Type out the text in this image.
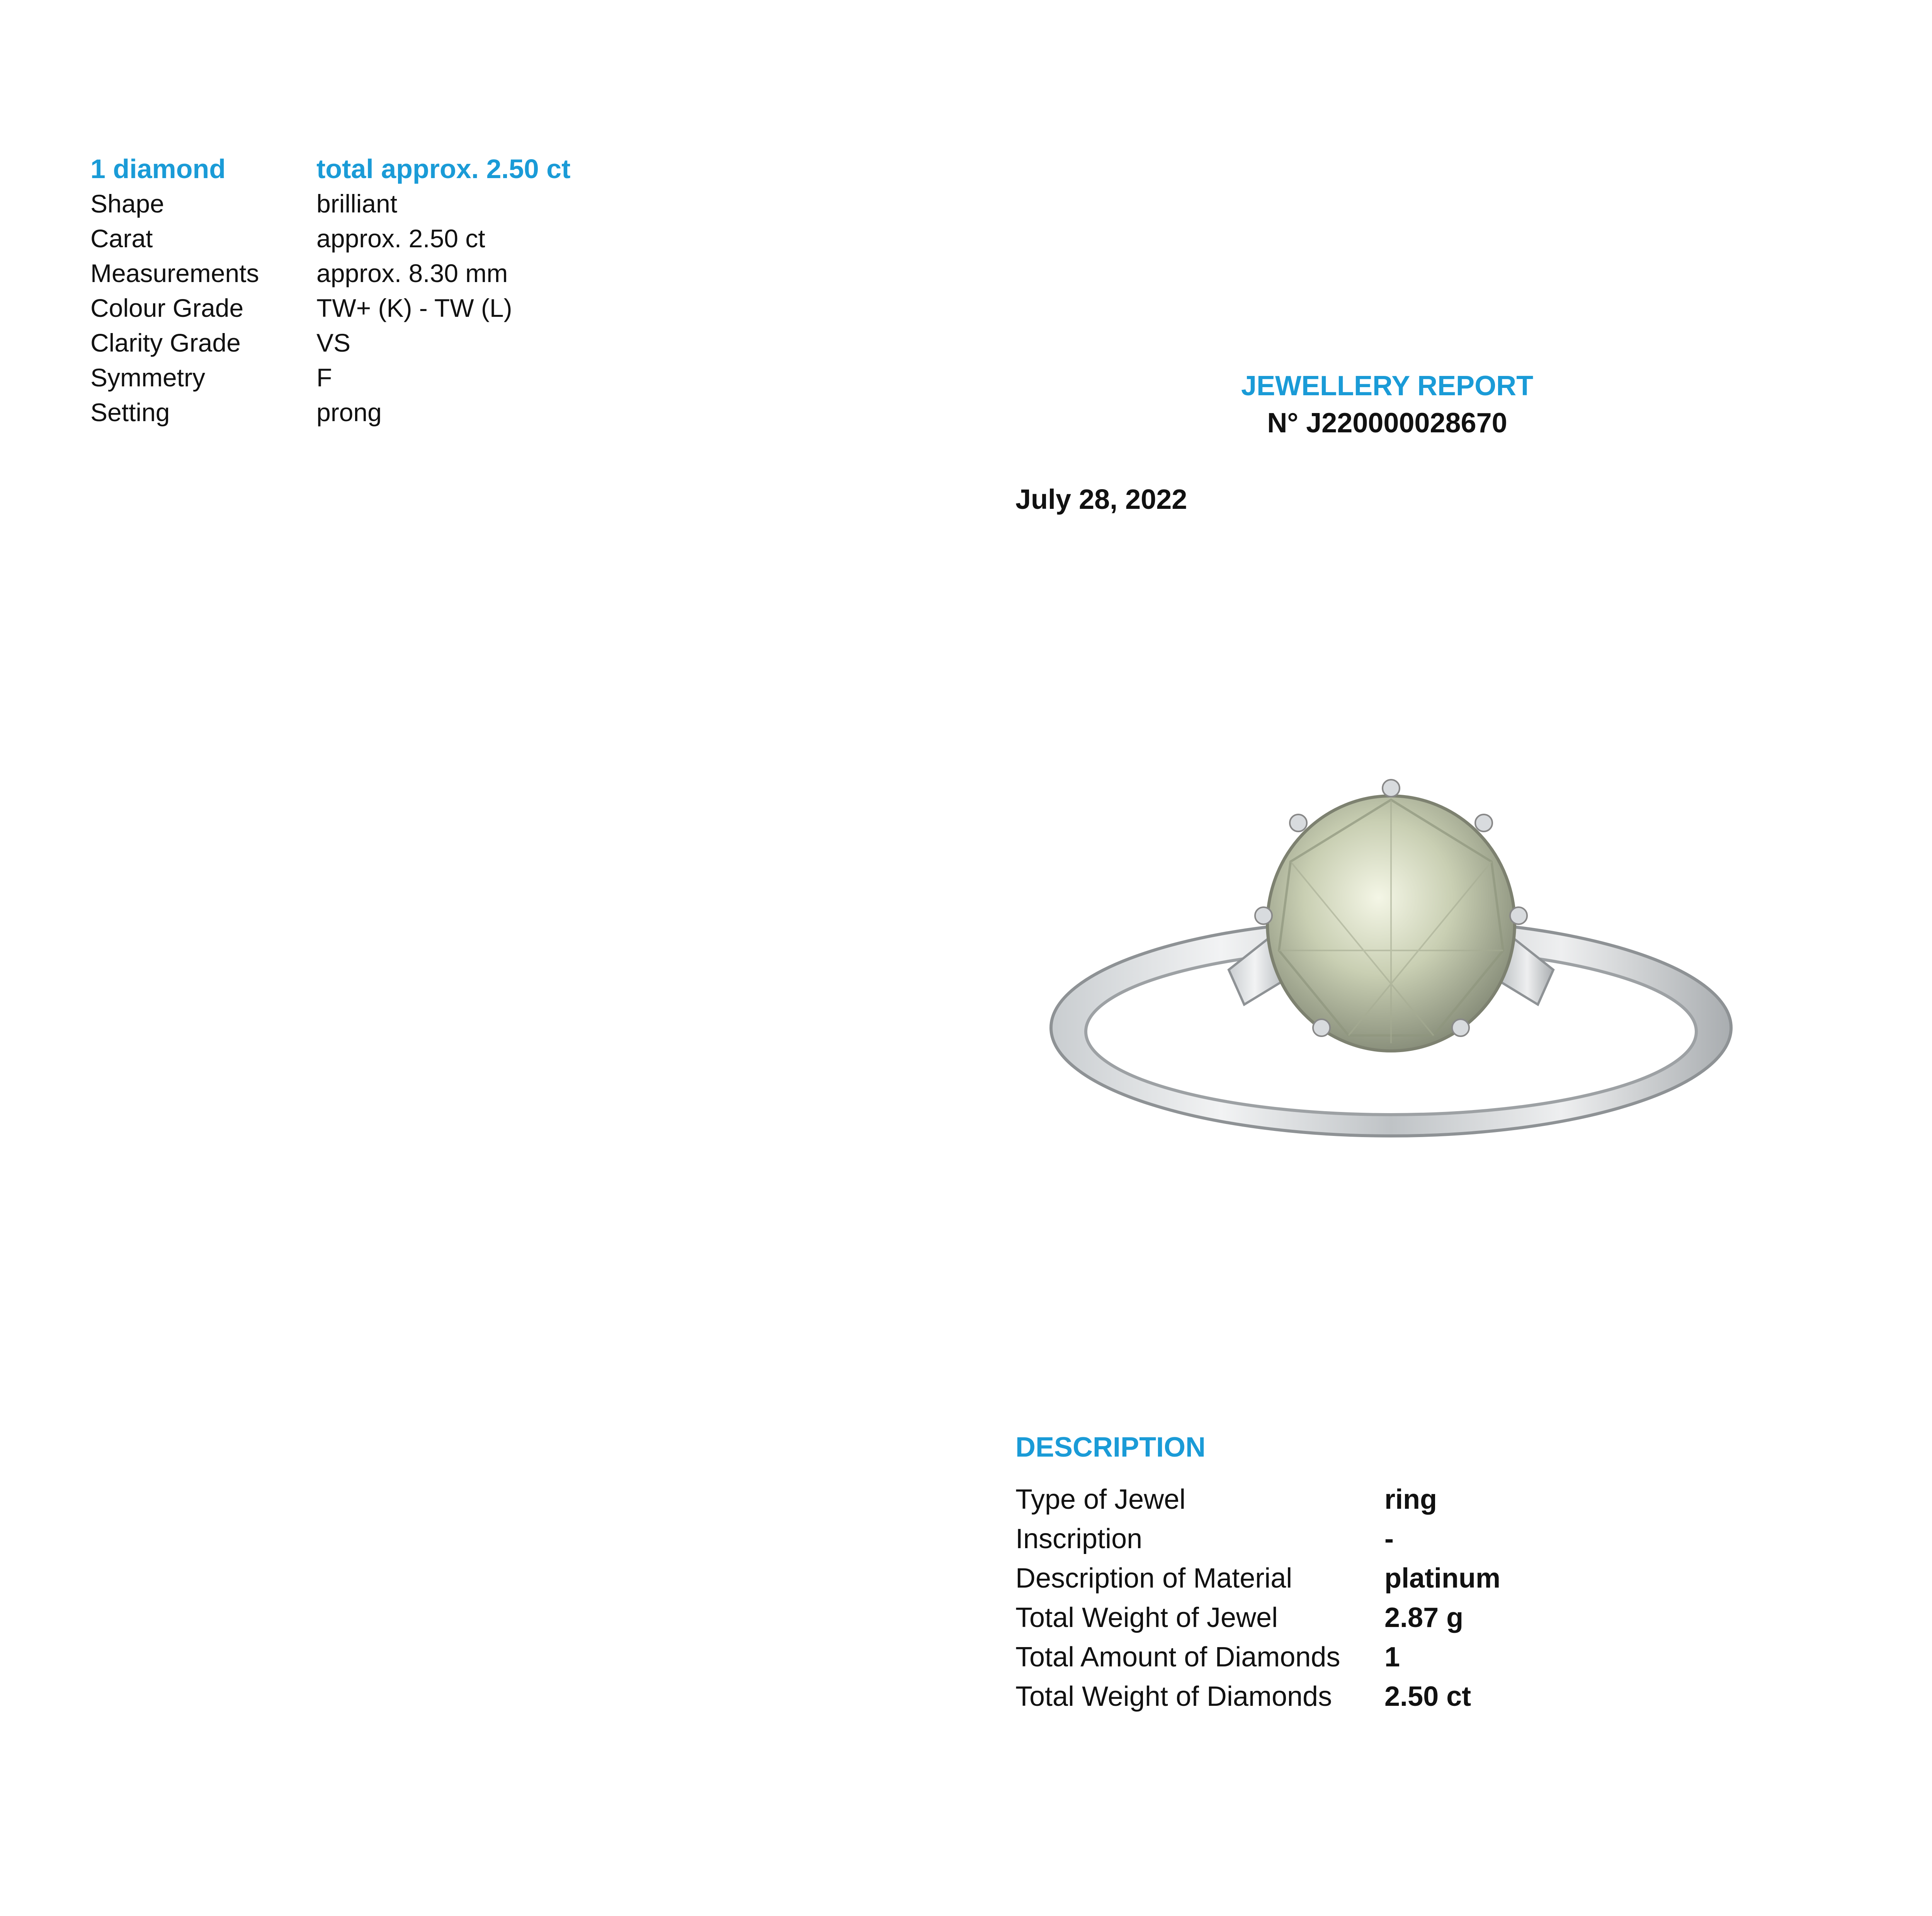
1 diamond	total approx. 2.50 ct
Shape	brilliant
Carat	approx. 2.50 ct
Measurements	approx. 8.30 mm
Colour Grade	TW+ (K) - TW (L)
Clarity Grade	VS
Symmetry	F
Setting	prong
JEWELLERY REPORT
N° J220000028670
July 28, 2022
DESCRIPTION
Type of Jewel	ring
Inscription	-
Description of Material	platinum
Total Weight of Jewel	2.87 g
Total Amount of Diamonds	1
Total Weight of Diamonds	2.50 ct
